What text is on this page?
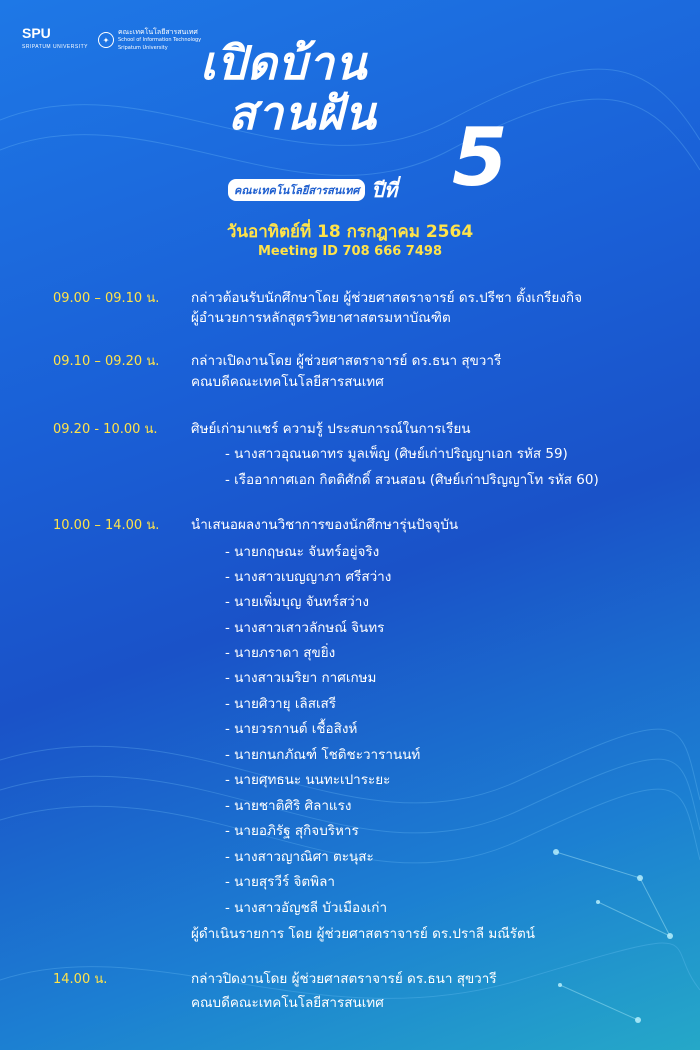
SPU
SRIPATUM UNIVERSITY
✦
คณะเทคโนโลยีสารสนเทศ
School of Information Technology
Sripatum University เปิดบ้าน
สานฝัน 5
คณะเทคโนโลยีสารสนเทศ ปีที่
วันอาทิตย์ที่ 18 กรกฎาคม 2564
Meeting ID 708 666 7498
09.00 – 09.10 น. กล่าวต้อนรับนักศึกษาโดย ผู้ช่วยศาสตราจารย์ ดร.ปรีชา ตั้งเกรียงกิจ
ผู้อำนวยการหลักสูตรวิทยาศาสตรมหาบัณฑิต
09.10 – 09.20 น. กล่าวเปิดงานโดย ผู้ช่วยศาสตราจารย์ ดร.ธนา สุขวารี
คณบดีคณะเทคโนโลยีสารสนเทศ
09.20 - 10.00 น. ศิษย์เก่ามาแชร์ ความรู้ ประสบการณ์ในการเรียน
- นางสาวอุณนดาทร มูลเพ็ญ (ศิษย์เก่าปริญญาเอก รหัส 59)
- เรืออากาศเอก กิตติศักดิ์ สวนสอน (ศิษย์เก่าปริญญาโท รหัส 60)
10.00 – 14.00 น. นำเสนอผลงานวิชาการของนักศึกษารุ่นปัจจุบัน
- นายกฤษณะ จันทร์อยู่จริง
- นางสาวเบญญาภา ศรีสว่าง
- นายเพิ่มบุญ จันทร์สว่าง
- นางสาวเสาวลักษณ์ จินทร
- นายภราดา สุขยิ่ง
- นางสาวเมริยา กาศเกษม
- นายศิวายุ เลิสเสรี
- นายวรกานต์ เชื้อสิงห์
- นายกนกภัณฑ์ โชติชะวารานนท์
- นายศุทธนะ นนทะเปาระยะ
- นายชาติศิริ ศิลาแรง
- นายอภิรัฐ สุกิจบริหาร
- นางสาวญาณิศา ตะนุสะ
- นายสุรวีร์ จิตพิลา
- นางสาวอัญชลี บัวเมืองเก่า
ผู้ดำเนินรายการ โดย ผู้ช่วยศาสตราจารย์ ดร.ปราลี มณีรัตน์
14.00 น.	กล่าวปิดงานโดย ผู้ช่วยศาสตราจารย์ ดร.ธนา สุขวารี
คณบดีคณะเทคโนโลยีสารสนเทศ
